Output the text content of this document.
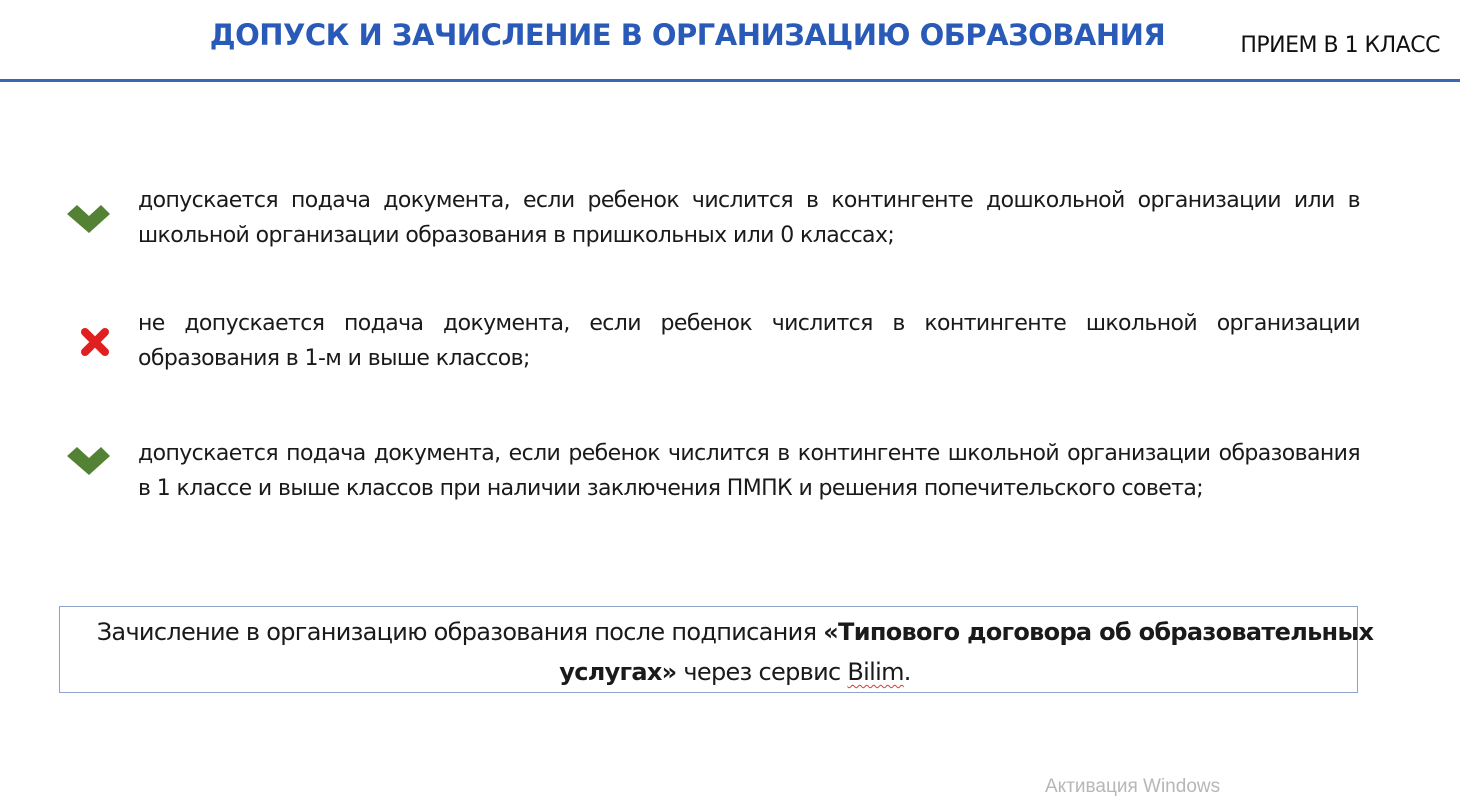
ДОПУСК И ЗАЧИСЛЕНИЕ В ОРГАНИЗАЦИЮ ОБРАЗОВАНИЯ	ПРИЕМ В 1 КЛАСС
допускается подача документа, если ребенок числится в контингенте дошкольной организации или в школьной организации образования в пришкольных или 0 классах;
не допускается подача документа, если ребенок числится в контингенте школьной организации образования в 1-м и выше классов;
допускается подача документа, если ребенок числится в контингенте школьной организации образования в 1 классе и выше классов при наличии заключения ПМПК и решения попечительского совета;
Зачисление в организацию образования после подписания «Типового договора об образовательных услугах» через сервис Bilim.
Активация Windows
